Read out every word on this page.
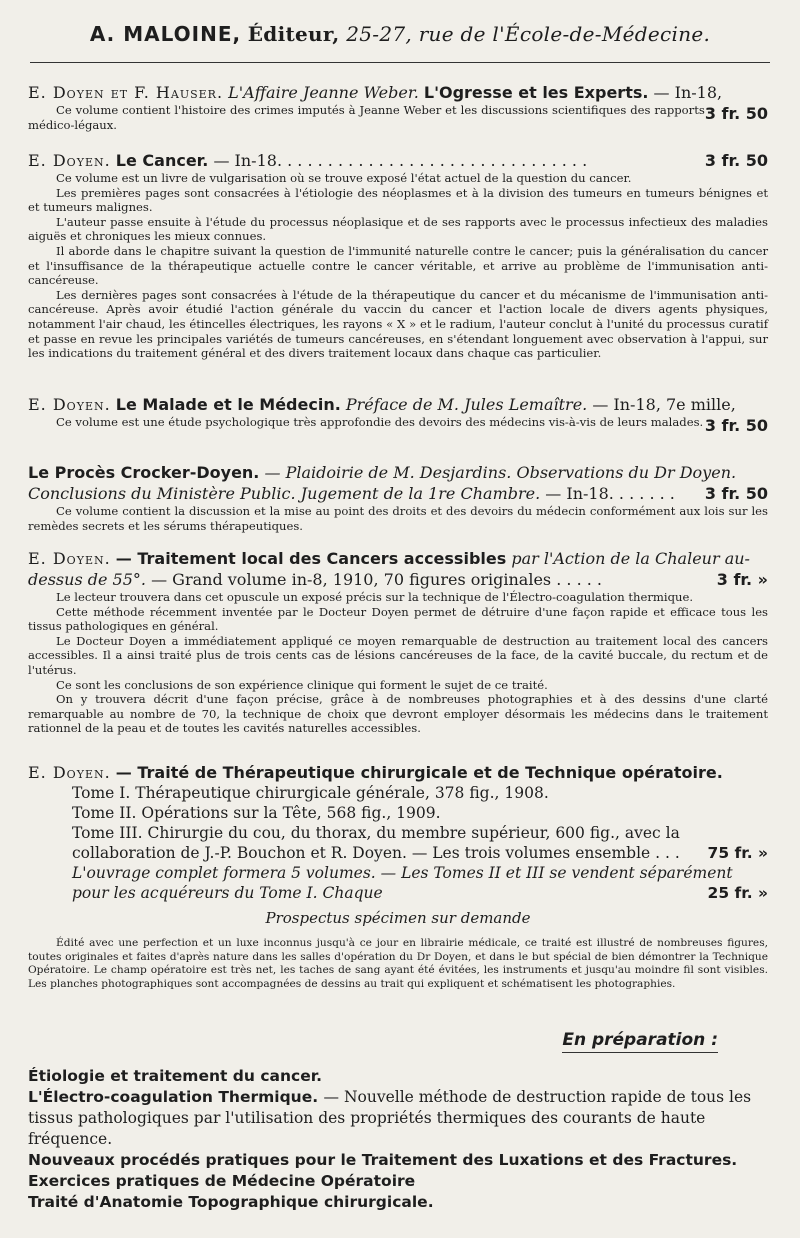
A. MALOINE, Éditeur, 25-27, rue de l'École-de-Médecine.
E. Doyen et F. Hauser. L'Affaire Jeanne Weber. L'Ogresse et les Experts. — In-18,
3 fr. 50

Ce volume contient l'histoire des crimes imputés à Jeanne Weber et les discussions scientifiques des rapports médico-légaux.

E. Doyen. Le Cancer. — In-18. . . . . . . . . . . . . . . . . . . . . . . . . . . . . . .	3 fr. 50

Ce volume est un livre de vulgarisation où se trouve exposé l'état actuel de la question du cancer.

Les premières pages sont consacrées à l'étiologie des néoplasmes et à la division des tumeurs en tumeurs bénignes et et tumeurs malignes.

L'auteur passe ensuite à l'étude du processus néoplasique et de ses rapports avec le processus infectieux des maladies aiguës et chroniques les mieux connues.

Il aborde dans le chapitre suivant la question de l'immunité naturelle contre le cancer; puis la généralisation du cancer et l'insuffisance de la thérapeutique actuelle contre le cancer véritable, et arrive au problème de l'immunisation anti-cancéreuse.

Les dernières pages sont consacrées à l'étude de la thérapeutique du cancer et du mécanisme de l'immunisation anti-cancéreuse. Après avoir étudié l'action générale du vaccin du cancer et l'action locale de divers agents physiques, notamment l'air chaud, les étincelles électriques, les rayons « X » et le radium, l'auteur conclut à l'unité du processus curatif et passe en revue les principales variétés de tumeurs cancéreuses, en s'étendant longuement avec observation à l'appui, sur les indications du traitement général et des divers traitement locaux dans chaque cas particulier.

E. Doyen. Le Malade et le Médecin. Préface de M. Jules Lemaître. — In-18, 7e mille,
3 fr. 50

Ce volume est une étude psychologique très approfondie des devoirs des médecins vis-à-vis de leurs malades.

Le Procès Crocker-Doyen. — Plaidoirie de M. Desjardins. Observations du Dr Doyen. Conclusions du Ministère Public. Jugement de la 1re Chambre. — In-18. . . . . . . 3 fr. 50

Ce volume contient la discussion et la mise au point des droits et des devoirs du médecin conformément aux lois sur les remèdes secrets et les sérums thérapeutiques.

E. Doyen. — Traitement local des Cancers accessibles par l'Action de la Chaleur au-dessus de 55°. — Grand volume in-8, 1910, 70 figures originales . . . . .	3 fr. »

Le lecteur trouvera dans cet opuscule un exposé précis sur la technique de l'Électro-coagulation thermique.

Cette méthode récemment inventée par le Docteur Doyen permet de détruire d'une façon rapide et efficace tous les tissus pathologiques en général.

Le Docteur Doyen a immédiatement appliqué ce moyen remarquable de destruction au traitement local des cancers accessibles. Il a ainsi traité plus de trois cents cas de lésions cancéreuses de la face, de la cavité buccale, du rectum et de l'utérus.

Ce sont les conclusions de son expérience clinique qui forment le sujet de ce traité.

On y trouvera décrit d'une façon précise, grâce à de nombreuses photographies et à des dessins d'une clarté remarquable au nombre de 70, la technique de choix que devront employer désormais les médecins dans le traitement rationnel de la peau et de toutes les cavités naturelles accessibles.

E. Doyen. — Traité de Thérapeutique chirurgicale et de Technique opératoire.
Tome I. Thérapeutique chirurgicale générale, 378 fig., 1908.
Tome II. Opérations sur la Tête, 568 fig., 1909.
Tome III. Chirurgie du cou, du thorax, du membre supérieur, 600 fig., avec la collaboration de J.-P. Bouchon et R. Doyen. — Les trois volumes ensemble . . . 75 fr. »
L'ouvrage complet formera 5 volumes. — Les Tomes II et III se vendent séparément pour les acquéreurs du Tome I. Chaque	25 fr. »
Prospectus spécimen sur demande

Édité avec une perfection et un luxe inconnus jusqu'à ce jour en librairie médicale, ce traité est illustré de nombreuses figures, toutes originales et faites d'après nature dans les salles d'opération du Dr Doyen, et dans le but spécial de bien démontrer la Technique Opératoire. Le champ opératoire est très net, les taches de sang ayant été évitées, les instruments et jusqu'au moindre fil sont visibles. Les planches photographiques sont accompagnées de dessins au trait qui expliquent et schématisent les photographies.

En préparation :
Étiologie et traitement du cancer.
L'Électro-coagulation Thermique. — Nouvelle méthode de destruction rapide de tous les tissus pathologiques par l'utilisation des propriétés thermiques des courants de haute fréquence.
Nouveaux procédés pratiques pour le Traitement des Luxations et des Fractures.
Exercices pratiques de Médecine Opératoire
Traité d'Anatomie Topographique chirurgicale.
